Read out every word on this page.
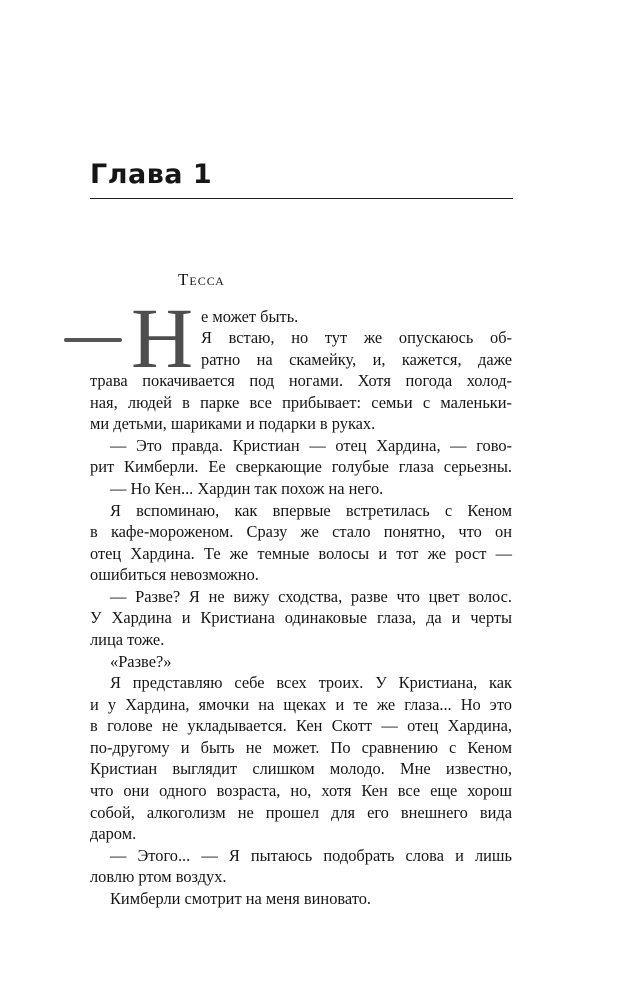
Глава 1
Тесса
Н е может быть.
Я встаю, но тут же опускаюсь об-
ратно на скамейку, и, кажется, даже
трава покачивается под ногами. Хотя погода холод-
ная, людей в парке все прибывает: семьи с маленьки-
ми детьми, шариками и подарки в руках.
— Это правда. Кристиан — отец Хардина, — гово-
рит Кимберли. Ее сверкающие голубые глаза серьезны.
— Но Кен... Хардин так похож на него.
Я вспоминаю, как впервые встретилась с Кеном
в кафе-мороженом. Сразу же стало понятно, что он
отец Хардина. Те же темные волосы и тот же рост —
ошибиться невозможно.
— Разве? Я не вижу сходства, разве что цвет волос.
У Хардина и Кристиана одинаковые глаза, да и черты
лица тоже.
«Разве?»
Я представляю себе всех троих. У Кристиана, как
и у Хардина, ямочки на щеках и те же глаза... Но это
в голове не укладывается. Кен Скотт — отец Хардина,
по-другому и быть не может. По сравнению с Кеном
Кристиан выглядит слишком молодо. Мне известно,
что они одного возраста, но, хотя Кен все еще хорош
собой, алкоголизм не прошел для его внешнего вида
даром.
— Этого... — Я пытаюсь подобрать слова и лишь
ловлю ртом воздух.
Кимберли смотрит на меня виновато.
